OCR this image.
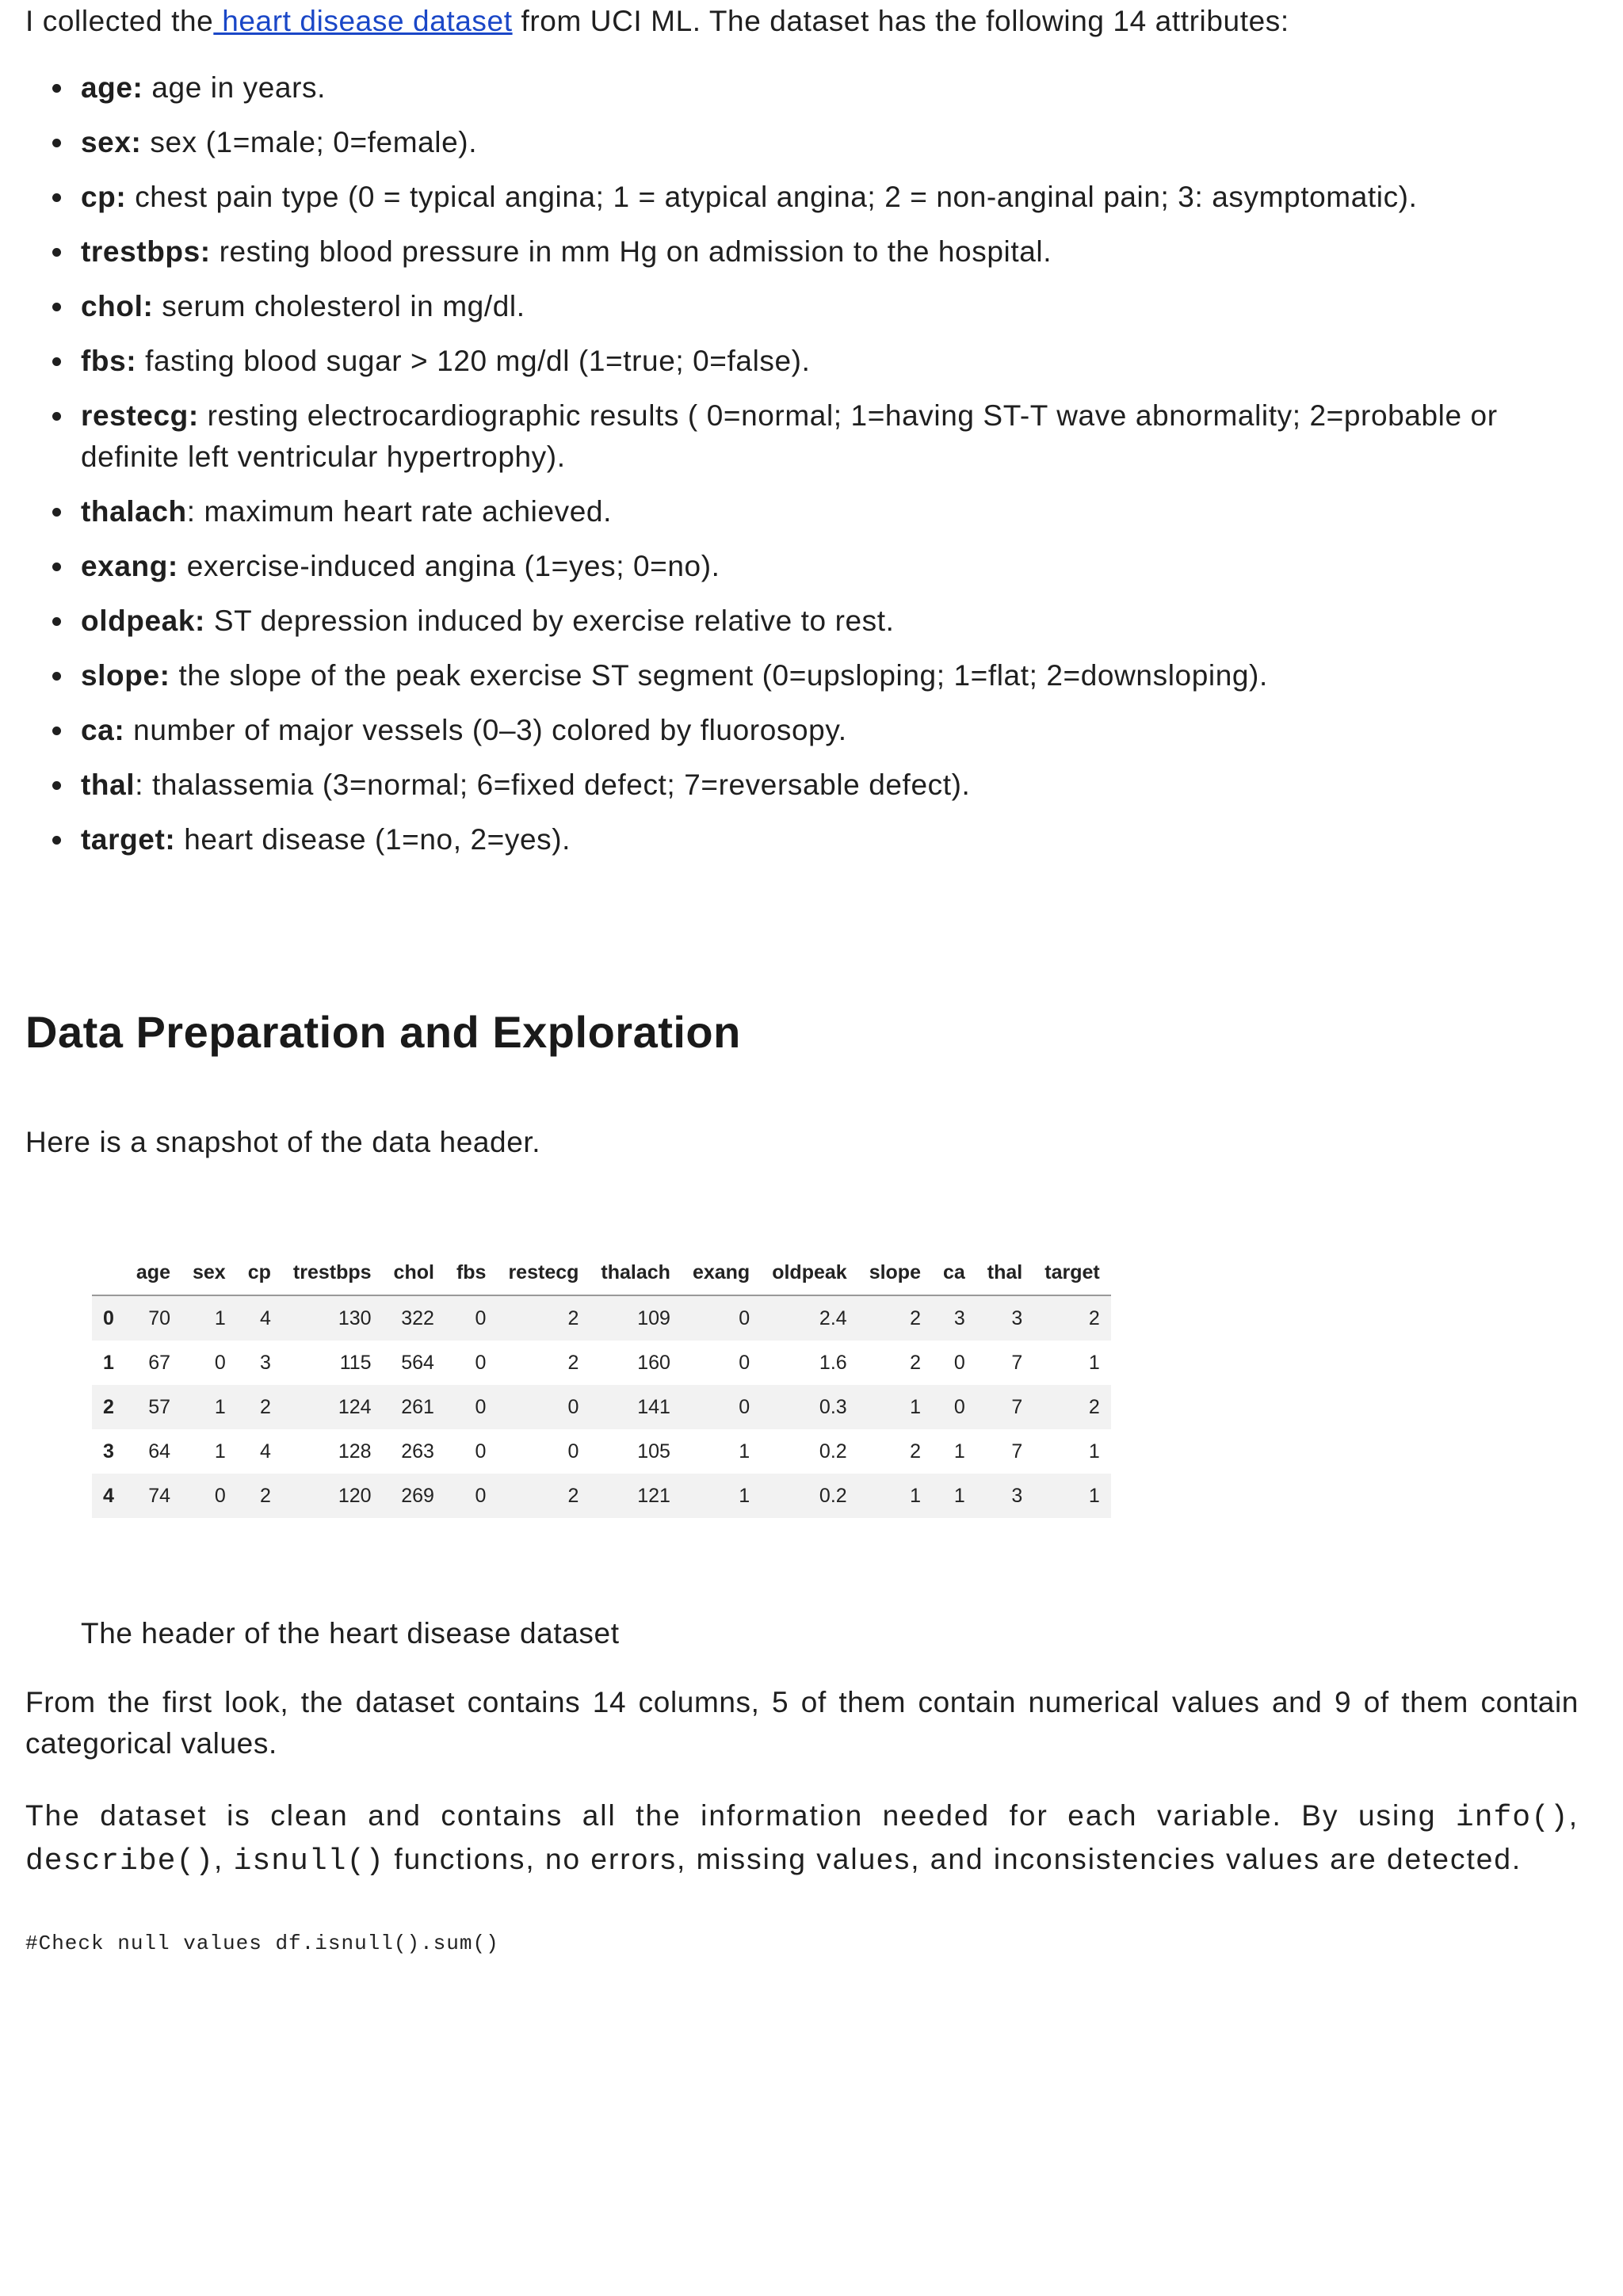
I collected the heart disease dataset from UCI ML. The dataset has the following 14 attributes:

age: age in years.
sex: sex (1=male; 0=female).
cp: chest pain type (0 = typical angina; 1 = atypical angina; 2 = non-anginal pain; 3: asymptomatic).
trestbps: resting blood pressure in mm Hg on admission to the hospital.
chol: serum cholesterol in mg/dl.
fbs: fasting blood sugar > 120 mg/dl (1=true; 0=false).
restecg: resting electrocardiographic results ( 0=normal; 1=having ST-T wave abnormality; 2=probable or definite left ventricular hypertrophy).
thalach: maximum heart rate achieved.
exang: exercise-induced angina (1=yes; 0=no).
oldpeak: ST depression induced by exercise relative to rest.
slope: the slope of the peak exercise ST segment (0=upsloping; 1=flat; 2=downsloping).
ca: number of major vessels (0–3) colored by fluorosopy.
thal: thalassemia (3=normal; 6=fixed defect; 7=reversable defect).
target: heart disease (1=no, 2=yes).
Data Preparation and Exploration

Here is a snapshot of the data header.

	age	sex	cp	trestbps	chol	fbs	restecg	thalach	exang	oldpeak	slope	ca	thal	target
0	70	1	4	130	322	0	2	109	0	2.4	2	3	3	2
1	67	0	3	115	564	0	2	160	0	1.6	2	0	7	1
2	57	1	2	124	261	0	0	141	0	0.3	1	0	7	2
3	64	1	4	128	263	0	0	105	1	0.2	2	1	7	1
4	74	0	2	120	269	0	2	121	1	0.2	1	1	3	1

The header of the heart disease dataset

From the first look, the dataset contains 14 columns, 5 of them contain numerical values and 9 of them contain categorical values.

The dataset is clean and contains all the information needed for each variable. By using info(), describe(), isnull() functions, no errors, missing values, and inconsistencies values are detected.

#Check null values df.isnull().sum()
